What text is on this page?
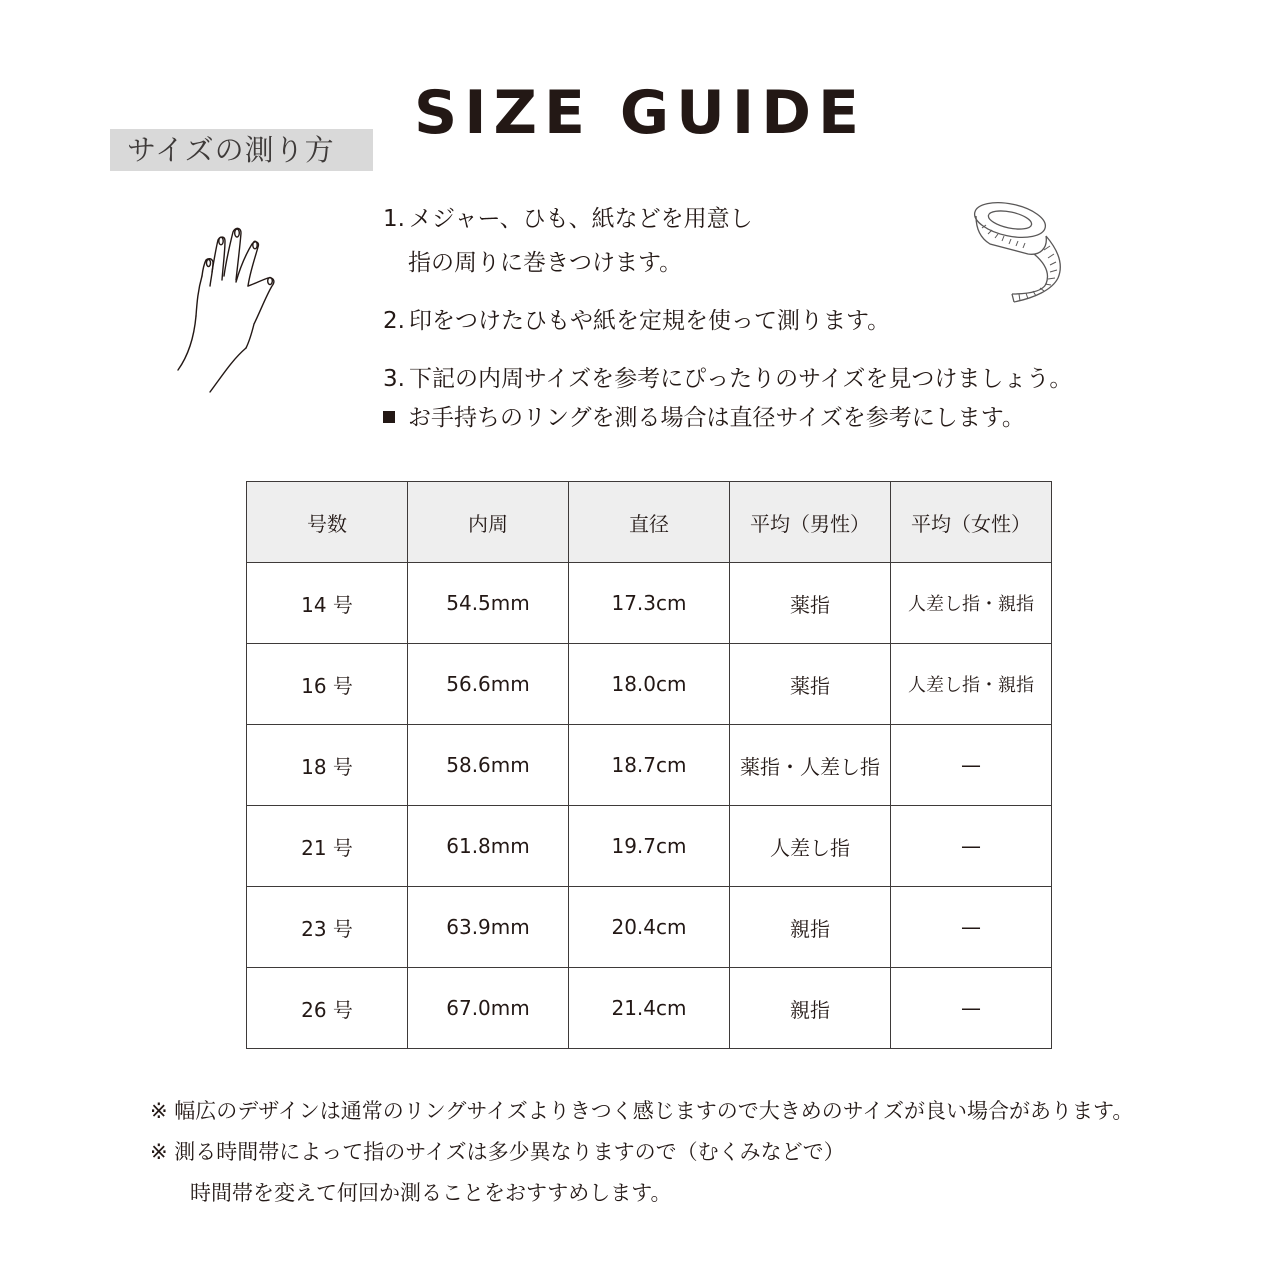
SIZE GUIDE
サイズの測り方
1. メジャー、ひも、紙などを用意し
指の周りに巻きつけます。
2. 印をつけたひもや紙を定規を使って測ります。
3. 下記の内周サイズを参考にぴったりのサイズを見つけましょう。
お手持ちのリングを測る場合は直径サイズを参考にします。
号数	内周	直径	平均（男性）	平均（女性）
14 号	54.5mm	17.3cm	薬指	人差し指・親指
16 号	56.6mm	18.0cm	薬指	人差し指・親指
18 号	58.6mm	18.7cm	薬指・人差し指	—
21 号	61.8mm	19.7cm	人差し指	—
23 号	63.9mm	20.4cm	親指	—
26 号	67.0mm	21.4cm	親指	—
※ 幅広のデザインは通常のリングサイズよりきつく感じますので大きめのサイズが良い場合があります。
※ 測る時間帯によって指のサイズは多少異なりますので（むくみなどで）
時間帯を変えて何回か測ることをおすすめします。
